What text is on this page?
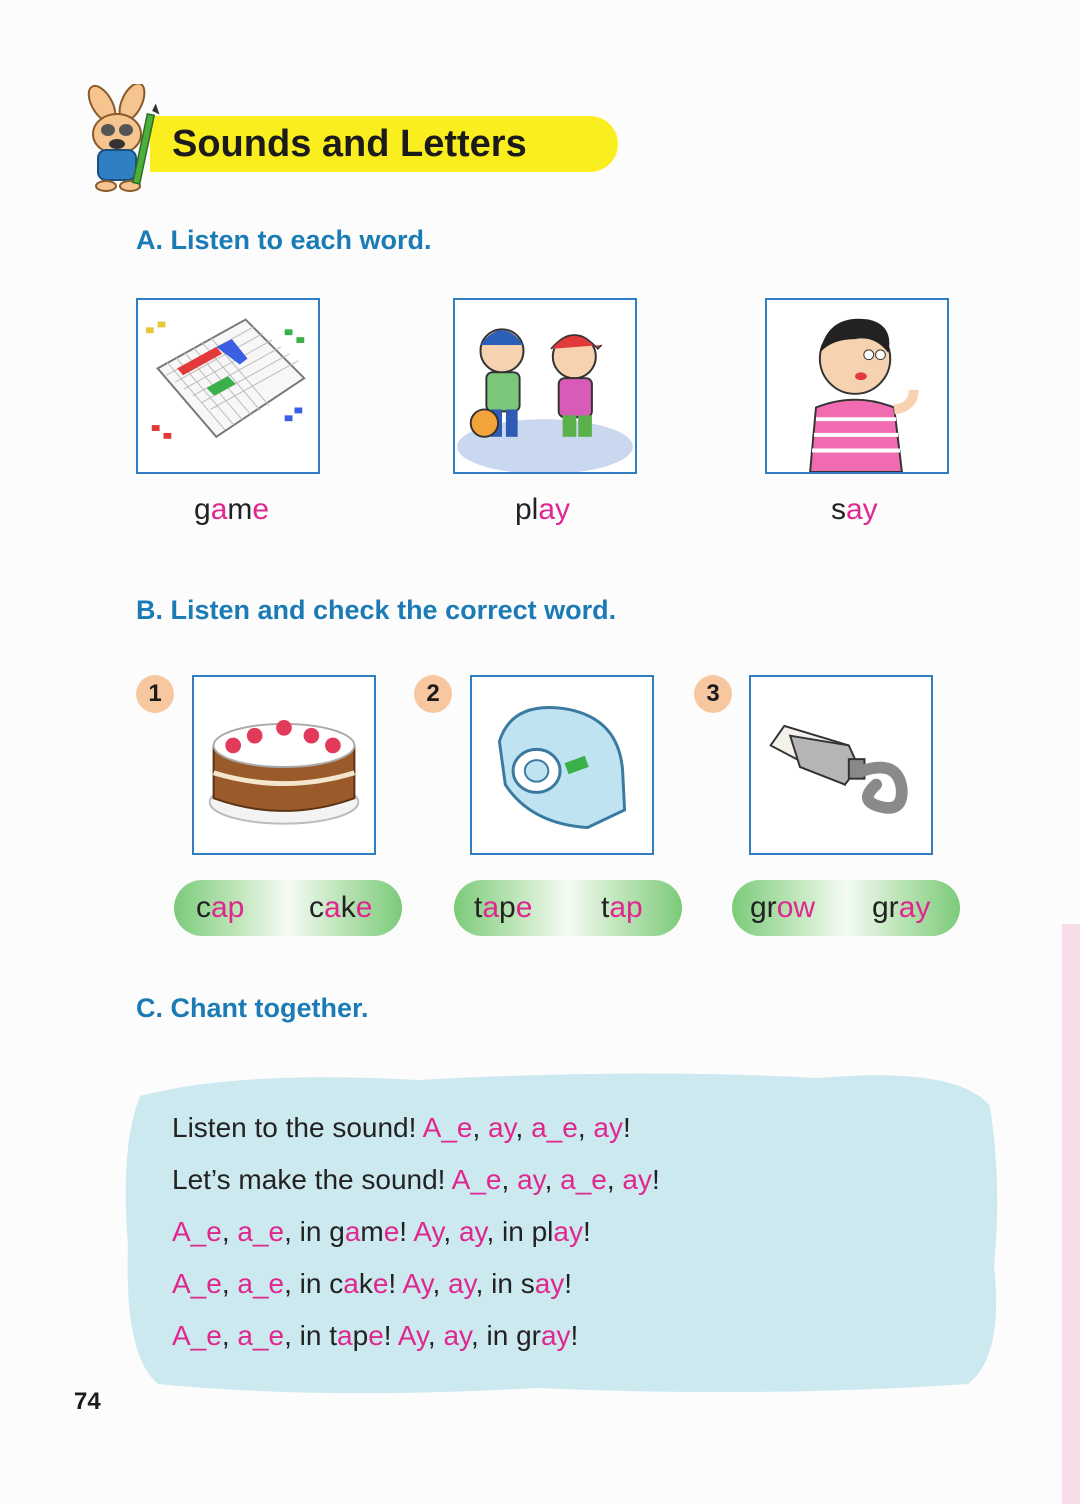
Sounds and Letters
A. Listen to each word.
game	play	say
B. Listen and check the correct word.
1	2	3
cap cake	tape tap	grow gray
C. Chant together.
Listen to the sound! A_e, ay, a_e, ay!
Let’s make the sound! A_e, ay, a_e, ay!
A_e, a_e, in game! Ay, ay, in play!
A_e, a_e, in cake! Ay, ay, in say!
A_e, a_e, in tape! Ay, ay, in gray!
74
